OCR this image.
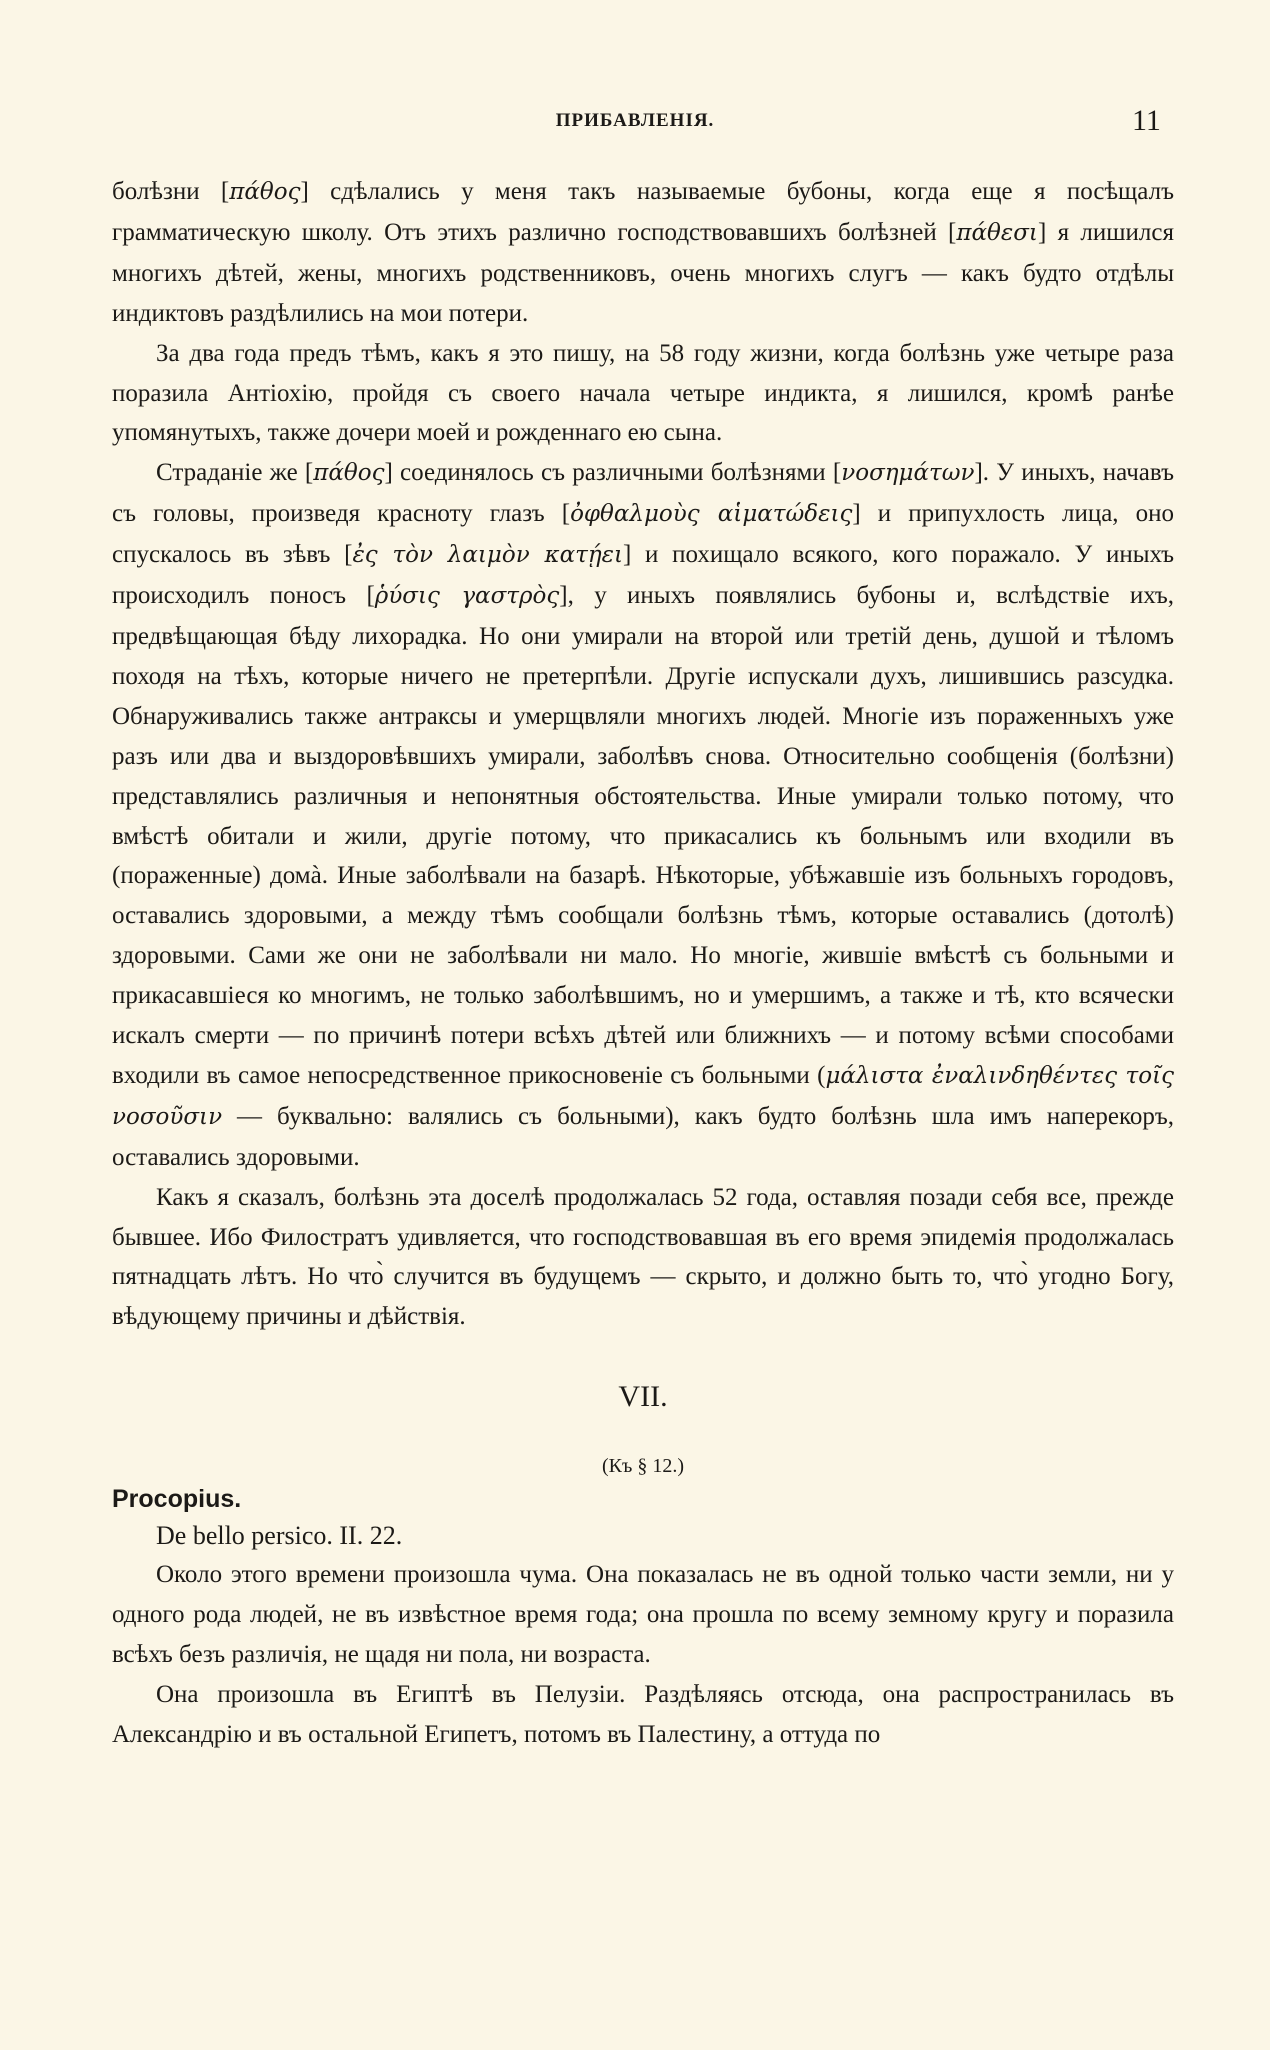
ПРИБАВЛЕНІЯ.	11

болѣзни [πάθος] сдѣлались у меня такъ называемые бубоны, когда еще я посѣщалъ грамматическую школу. Отъ этихъ различно господствовавшихъ болѣзней [πάθεσι] я лишился многихъ дѣтей, жены, многихъ родственниковъ, очень многихъ слугъ — какъ будто отдѣлы индиктовъ раздѣлились на мои потери.

За два года предъ тѣмъ, какъ я это пишу, на 58 году жизни, когда болѣзнь уже четыре раза поразила Антіохію, пройдя съ своего начала четыре индикта, я лишился, кромѣ ранѣе упомянутыхъ, также дочери моей и рожденнаго ею сына.

Страданіе же [πάθος] соединялось съ различными болѣзнями [νοσημάτων]. У иныхъ, начавъ съ головы, произведя красноту глазъ [ὀφθαλμοὺς αἱματώδεις] и припухлость лица, оно спускалось въ зѣвъ [ἐς τὸν λαιμὸν κατῄει] и похищало всякого, кого поражало. У иныхъ происходилъ поносъ [ῥύσις γαστρὸς], у иныхъ появлялись бубоны и, вслѣдствіе ихъ, предвѣщающая бѣду лихорадка. Но они умирали на второй или третій день, душой и тѣломъ походя на тѣхъ, которые ничего не претерпѣли. Другіе испускали духъ, лишившись разсудка. Обнаруживались также антраксы и умерщвляли многихъ людей. Многіе изъ пораженныхъ уже разъ или два и выздоровѣвшихъ умирали, заболѣвъ снова. Относительно сообщенія (болѣзни) представлялись различныя и непонятныя обстоятельства. Иные умирали только потому, что вмѣстѣ обитали и жили, другіе потому, что прикасались къ больнымъ или входили въ (пораженные) домà. Иные заболѣвали на базарѣ. Нѣкоторые, убѣжавшіе изъ больныхъ городовъ, оставались здоровыми, а между тѣмъ сообщали болѣзнь тѣмъ, которые оставались (дотолѣ) здоровыми. Сами же они не заболѣвали ни мало. Но многіе, жившіе вмѣстѣ съ больными и прикасавшіеся ко многимъ, не только заболѣвшимъ, но и умершимъ, а также и тѣ, кто всячески искалъ смерти — по причинѣ потери всѣхъ дѣтей или ближнихъ — и потому всѣми способами входили въ самое непосредственное прикосновеніе съ больными (μάλιστα ἐναλινδηθέντες τοῖς νοσοῦσιν — буквально: валялись съ больными), какъ будто болѣзнь шла имъ наперекоръ, оставались здоровыми.

Какъ я сказалъ, болѣзнь эта доселѣ продолжалась 52 года, оставляя позади себя все, прежде бывшее. Ибо Филостратъ удивляется, что господствовавшая въ его время эпидемія продолжалась пятнадцать лѣтъ. Но что̀ случится въ будущемъ — скрыто, и должно быть то, что̀ угодно Богу, вѣдующему причины и дѣйствія.

VII.
(Къ § 12.)
Procopius.
De bello persico. II. 22.

Около этого времени произошла чума. Она показалась не въ одной только части земли, ни у одного рода людей, не въ извѣстное время года; она прошла по всему земному кругу и поразила всѣхъ безъ различія, не щадя ни пола, ни возраста.

Она произошла въ Египтѣ въ Пелузіи. Раздѣляясь отсюда, она распространилась въ Александрію и въ остальной Египетъ, потомъ въ Палестину, а оттуда по
